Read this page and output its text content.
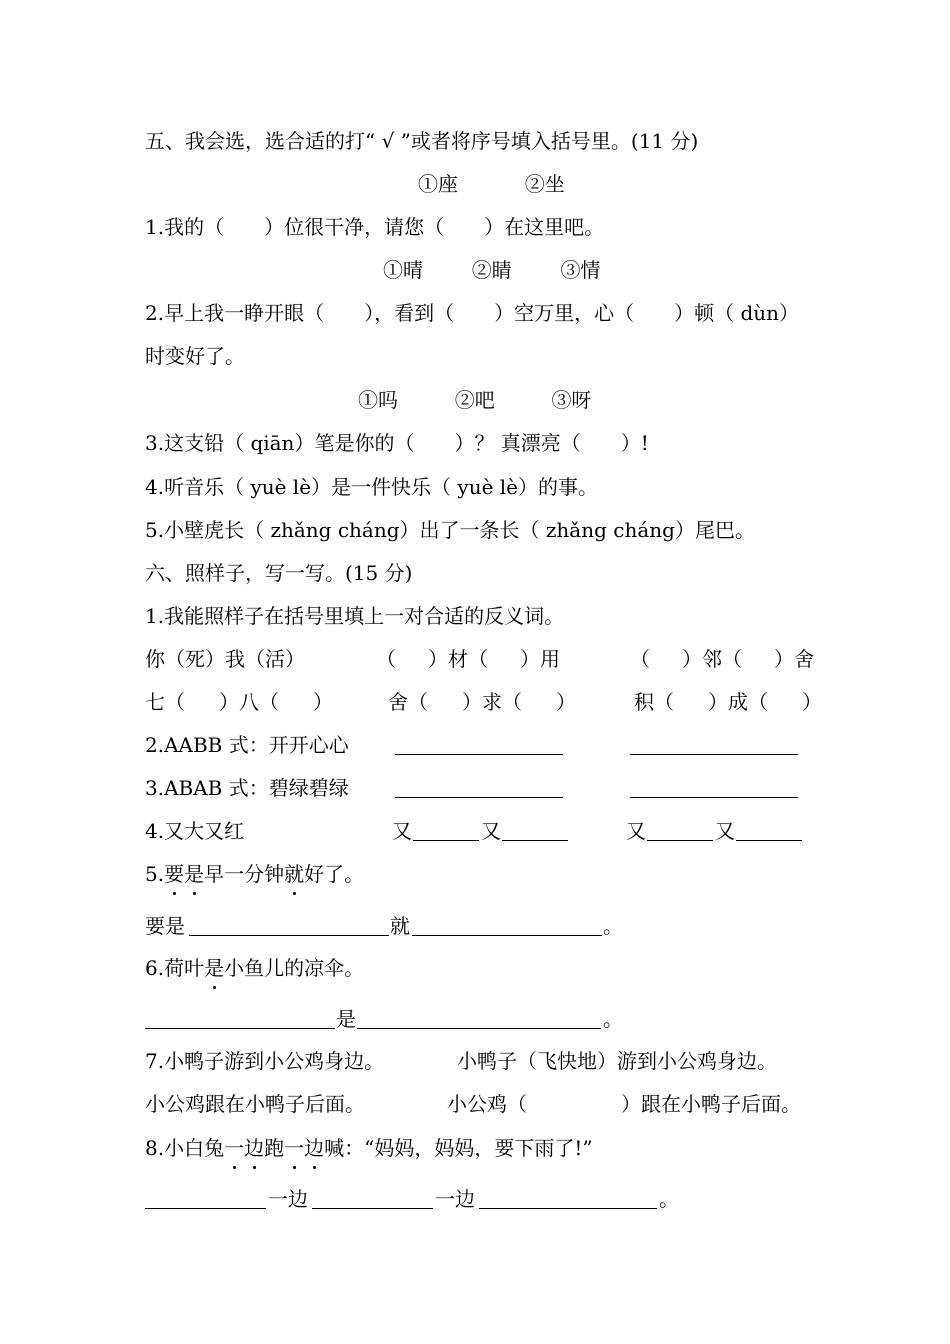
五、我会选，选合适的打“ √ ”或者将序号填入括号里。(11 分)
①座	②坐
1.我的（ ）位很干净，请您（ ）在这里吧。
①晴 ②睛 ③情
2.早上我一睁开眼（ ），看到（ ）空万里，心（ ）顿（ dùn）
时变好了。
①吗	②吧	③呀
3.这支铅（ qiān）笔是你的（ ）？ 真漂亮（ ）!
4.听音乐（ yuè lè）是一件快乐（ yuè lè）的事。
5.小壁虎长（ zhǎng cháng）出了一条长（ zhǎng cháng）尾巴。
六、照样子，写一写。(15 分)
1.我能照样子在括号里填上一对合适的反义词。
你（死）我（活）	（ ）材（ ）用	（ ）邻（ ）舍
七（ ）八（ ）	舍（ ）求（ ）	积（ ）成（ ）
2.AABB 式：开开心心
3.ABAB 式：碧绿碧绿
4.又大又红	又	又	又	又
5.要是早一分钟就好了。
要是	就	。
6.荷叶是小鱼儿的凉伞。
是	。
7.小鸭子游到小公鸡身边。	小鸭子（飞快地）游到小公鸡身边。
小公鸡跟在小鸭子后面。	小公鸡（	）跟在小鸭子后面。
8.小白兔一边跑一边喊：“妈妈，妈妈，要下雨了!”
一边	一边	。
